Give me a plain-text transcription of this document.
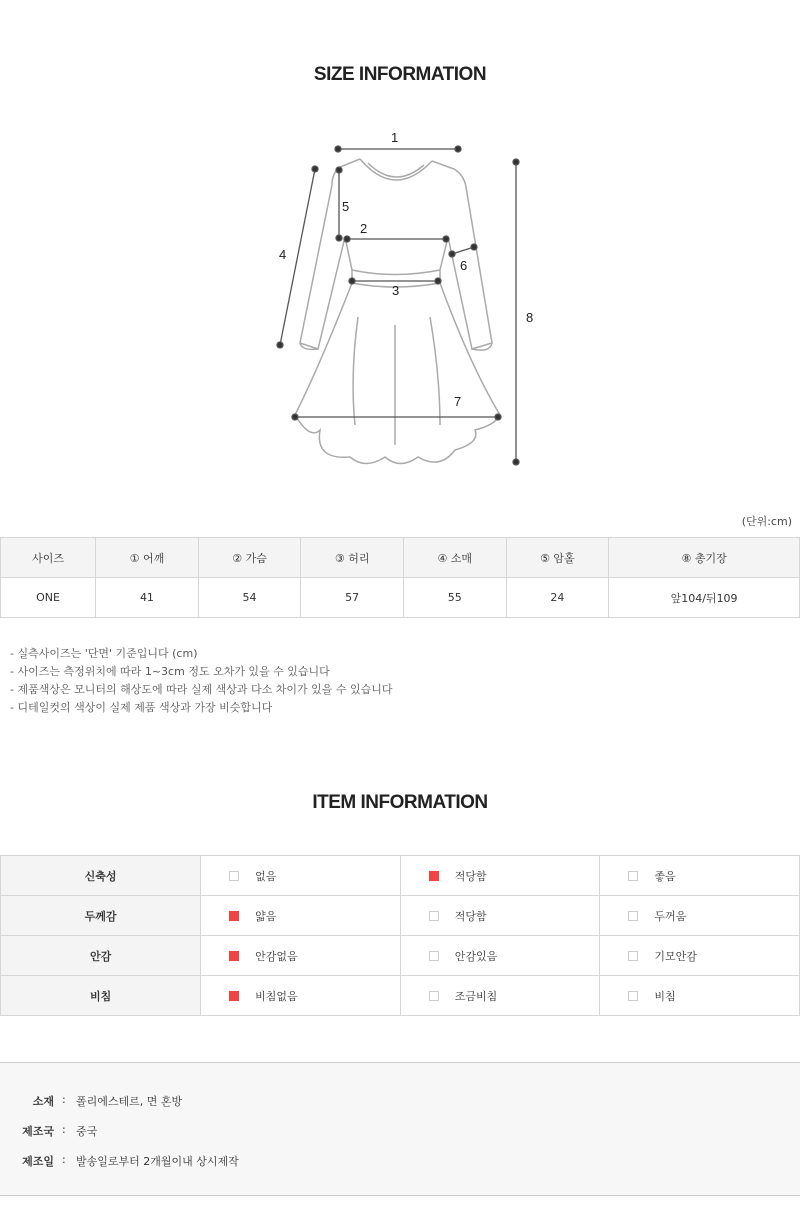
SIZE INFORMATION
1
2
3
4
5
6
7
8
(단위:cm)
사이즈	① 어깨	② 가슴	③ 허리	④ 소매	⑤ 암홀	⑧ 총기장
ONE	41	54	57	55	24	앞104/뒤109
- 실측사이즈는 '단면' 기준입니다 (cm)
- 사이즈는 측정위치에 따라 1~3cm 정도 오차가 있을 수 있습니다
- 제품색상은 모니터의 해상도에 따라 실제 색상과 다소 차이가 있을 수 있습니다
- 디테일컷의 색상이 실제 제품 색상과 가장 비슷합니다
ITEM INFORMATION
신축성	없음	적당함	좋음
두께감	얇음	적당함	두꺼움
안감	안감없음	안감있음	기모안감
비침	비침없음	조금비침	비침
소재 : 폴리에스테르, 면 혼방
제조국 : 중국
제조일 : 발송일로부터 2개월이내 상시제작
